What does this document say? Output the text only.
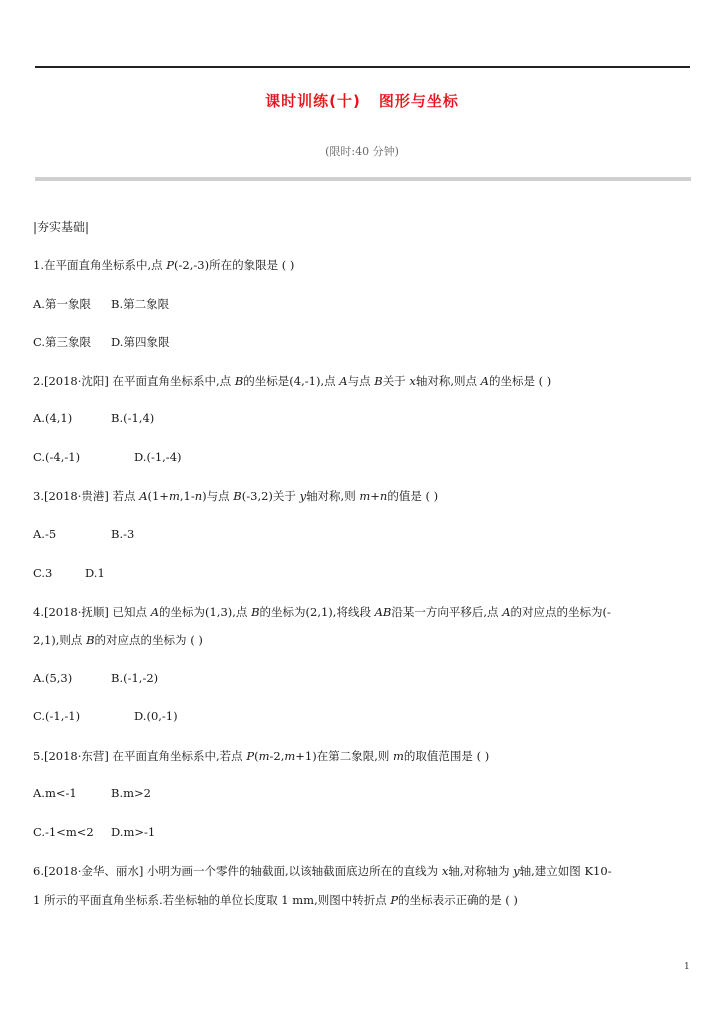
课时训练(十) 图形与坐标
(限时:40 分钟)
|夯实基础|
1.在平面直角坐标系中,点 P(-2,-3)所在的象限是 ( )
A.第一象限 B.第二象限
C.第三象限 D.第四象限
2.[2018·沈阳] 在平面直角坐标系中,点 B的坐标是(4,-1),点 A与点 B关于 x轴对称,则点 A的坐标是 ( )
A.(4,1)	B.(-1,4)
C.(-4,-1)	D.(-1,-4)
3.[2018·贵港] 若点 A(1+m,1-n)与点 B(-3,2)关于 y轴对称,则 m+n的值是 ( )
A.-5	B.-3
C.3	D.1
4.[2018·抚顺] 已知点 A的坐标为(1,3),点 B的坐标为(2,1),将线段 AB沿某一方向平移后,点 A的对应点的坐标为(-
2,1),则点 B的对应点的坐标为 ( )
A.(5,3)	B.(-1,-2)
C.(-1,-1)	D.(0,-1)
5.[2018·东营] 在平面直角坐标系中,若点 P(m-2,m+1)在第二象限,则 m的取值范围是 ( )
A.m<-1	B.m>2
C.-1<m<2 D.m>-1
6.[2018·金华、丽水] 小明为画一个零件的轴截面,以该轴截面底边所在的直线为 x轴,对称轴为 y轴,建立如图 K10-
1 所示的平面直角坐标系.若坐标轴的单位长度取 1 mm,则图中转折点 P的坐标表示正确的是 ( )
1
